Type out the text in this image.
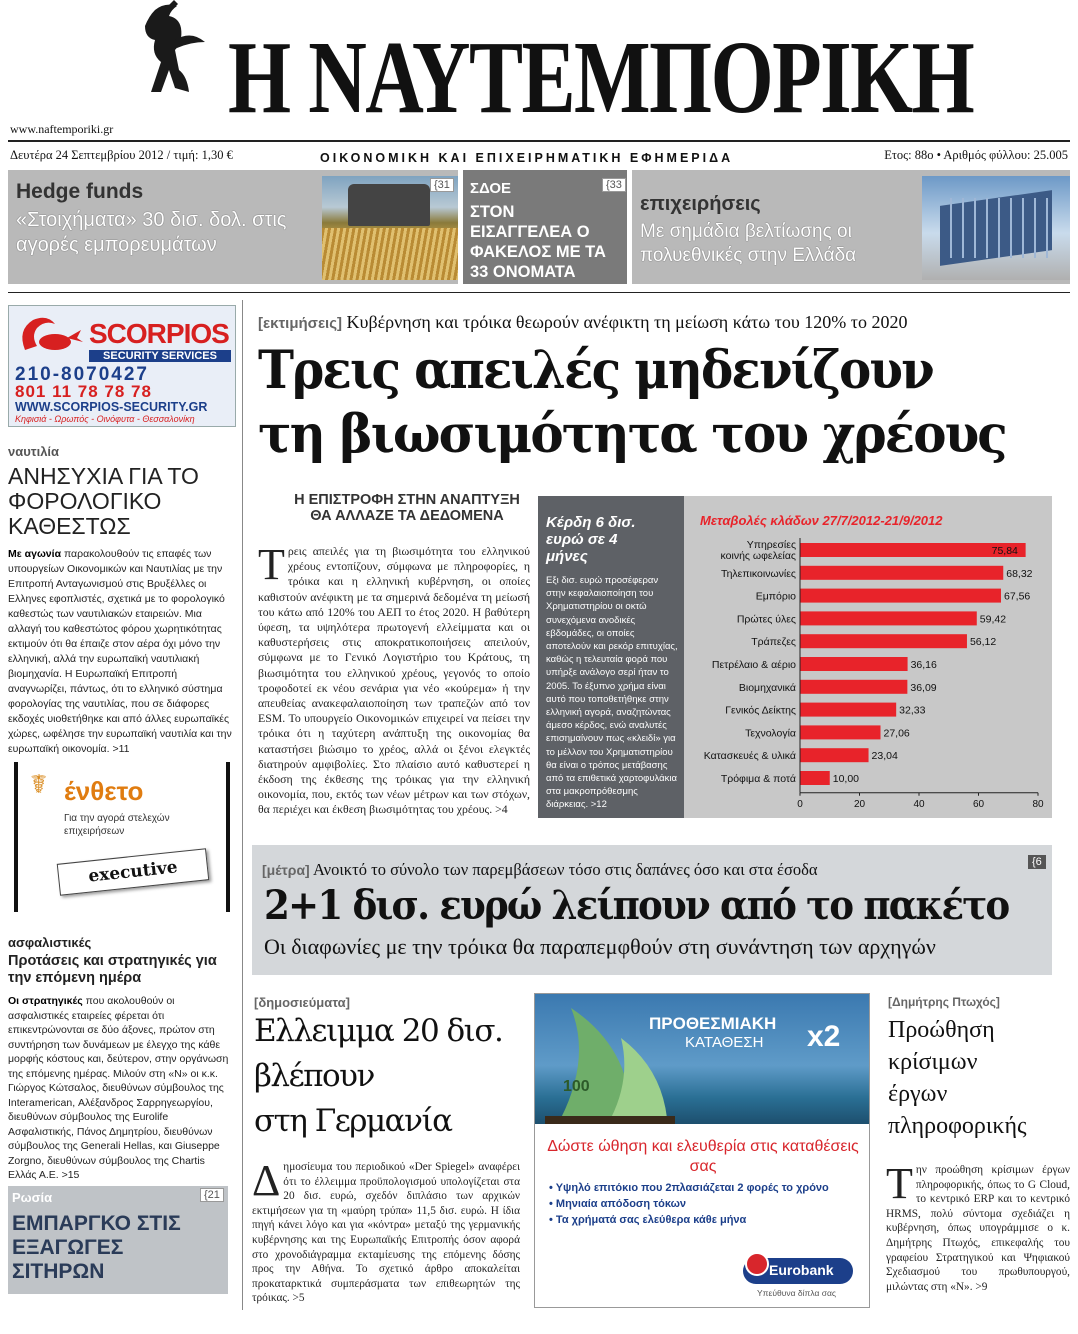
Η ΝΑΥΤΕΜΠΟΡΙΚΗ
www.naftemporiki.gr
Δευτέρα 24 Σεπτεμβρίου 2012 / τιμή: 1,30 €	ΟΙΚΟΝΟΜΙΚΗ ΚΑΙ ΕΠΙΧΕΙΡΗΜΑΤΙΚΗ ΕΦΗΜΕΡΙΔΑ	Ετος: 88ο • Αριθμός φύλλου: 25.005
Hedge funds
«Στοιχήματα» 30 δισ. δολ. στις αγορές εμπορευμάτων
{31 ΣΔΟΕ	{33
ΣΤΟΝ ΕΙΣΑΓΓΕΛΕΑ Ο ΦΑΚΕΛΟΣ ΜΕ ΤΑ 33 ΟΝΟΜΑΤΑ
επιχειρήσεις
Με σημάδια βελτίωσης οι πολυεθνικές στην Ελλάδα
SCORPIOS
SECURITY SERVICES
210-8070427
801 11 78 78 78
WWW.SCORPIOS-SECURITY.GR
Κηφισιά - Ωρωπός - Οινόφυτα - Θεσσαλονίκη
ναυτιλία
ΑΝΗΣΥΧΙΑ ΓΙΑ ΤΟ ΦΟΡΟΛΟΓΙΚΟ ΚΑΘΕΣΤΩΣ
Με αγωνία παρακολουθούν τις επαφές των υπουργείων Οικονομικών και Ναυτιλίας με την Επιτροπή Ανταγωνισμού στις Βρυξέλλες οι Ελληνες εφοπλιστές, σχετικά με το φορολογικό καθεστώς των ναυτιλιακών εταιρειών. Μια αλλαγή του καθεστώτος φόρου χωρητικότητας εκτιμούν ότι θα έπαιζε στον αέρα όχι μόνο την ελληνική, αλλά την ευρωπαϊκή ναυτιλιακή βιομηχανία. Η Ευρωπαϊκή Επιτροπή αναγνωρίζει, πάντως, ότι το ελληνικό σύστημα φορολογίας της ναυτιλίας, που σε διάφορες εκδοχές υιοθετήθηκε και από άλλες ευρωπαϊκές χώρες, ωφέλησε την ευρωπαϊκή ναυτιλία και την ευρωπαϊκή οικονομία. >11
☤ ένθετο
Για την αγορά στελεχών επιχειρήσεων
executive
ασφαλιστικές
Προτάσεις και στρατηγικές για την επόμενη ημέρα
Οι στρατηγικές που ακολουθούν οι ασφαλιστικές εταιρείες φέρεται ότι επικεντρώνονται σε δύο άξονες, πρώτον στη συντήρηση των δυνάμεων με έλεγχο της κάθε μορφής κόστους και, δεύτερον, στην οργάνωση της επόμενης ημέρας. Μιλούν στη «Ν» οι κ.κ. Γιώργος Κώτσαλος, διευθύνων σύμβουλος της Interamerican, Αλέξανδρος Σαρρηγεωργίου, διευθύνων σύμβουλος της Eurolife Ασφαλιστικής, Πάνος Δημητρίου, διευθύνων σύμβουλος της Generali Hellas, και Giuseppe Zorgno, διευθύνων σύμβουλος της Chartis Ελλάς Α.Ε. >15
Ρωσία	{21
ΕΜΠΑΡΓΚΟ ΣΤΙΣ ΕΞΑΓΩΓΕΣ ΣΙΤΗΡΩΝ
[εκτιμήσεις] Κυβέρνηση και τρόικα θεωρούν ανέφικτη τη μείωση κάτω του 120% το 2020
Τρεις απειλές μηδενίζουν
τη βιωσιμότητα του χρέους
Η ΕΠΙΣΤΡΟΦΗ ΣΤΗΝ ΑΝΑΠΤΥΞΗ ΘΑ ΑΛΛΑΖΕ ΤΑ ΔΕΔΟΜΕΝΑ
Τρεις απειλές για τη βιωσιμότητα του ελληνικού χρέους εντοπίζουν, σύμφωνα με πληροφορίες, η τρόικα και η ελληνική κυβέρνηση, οι οποίες καθιστούν ανέφικτη με τα σημερινά δεδομένα τη μείωσή του κάτω από 120% του ΑΕΠ το έτος 2020. Η βαθύτερη ύφεση, τα υψηλότερα πρωτογενή ελλείμματα και οι καθυστερήσεις στις αποκρατικοποιήσεις απειλούν, σύμφωνα με το Γενικό Λογιστήριο του Κράτους, τη βιωσιμότητα του ελληνικού χρέους, γεγονός το οποίο τροφοδοτεί εκ νέου σενάρια για νέο «κούρεμα» ή την απευθείας ανακεφαλαιοποίηση των τραπεζών από τον ESM. Το υπουργείο Οικονομικών επιχειρεί να πείσει την τρόικα ότι η ταχύτερη ανάπτυξη της οικονομίας θα καταστήσει βιώσιμο το χρέος, αλλά οι ξένοι ελεγκτές διατηρούν αμφιβολίες. Στο πλαίσιο αυτό καθυστερεί η έκδοση της έκθεσης της τρόικας για την ελληνική οικονομία, που, εκτός των νέων μέτρων και των στόχων, θα περιέχει και έκθεση βιωσιμότητας του χρέους. >4
Κέρδη 6 δισ. ευρώ σε 4 μήνες
Εξι δισ. ευρώ προσέφεραν στην κεφαλαιοποίηση του Χρηματιστηρίου οι οκτώ συνεχόμενα ανοδικές εβδομάδες, οι οποίες αποτελούν και ρεκόρ επιτυχίας, καθώς η τελευταία φορά που υπήρξε ανάλογο σερί ήταν το 2005. Το έξυπνο χρήμα είναι αυτό που τοποθετήθηκε στην ελληνική αγορά, αναζητώντας άμεσο κέρδος, ενώ αναλυτές επισημαίνουν πως «κλειδί» για το μέλλον του Χρηματιστηρίου θα είναι ο τρόπος μετάβασης από τα επιθετικά χαρτοφυλάκια στα μακροπρόθεσμης διάρκειας. >12
Μεταβολές κλάδων 27/7/2012-21/9/2012
Υπηρεσίες κοινής ωφελείας	75,84
Τηλεπικοινωνίες	68,32
Εμπόριο	67,56
Πρώτες ύλες	59,42
Τράπεζες	56,12
Πετρέλαιο & αέριο	36,16
Βιομηχανικά	36,09
Γενικός Δείκτης	32,33
Τεχνολογία	27,06
Κατασκευές & υλικά	23,04
Τρόφιμα & ποτά	10,00
0	20	40	60	80
[μέτρα] Ανοικτό το σύνολο των παρεμβάσεων τόσο στις δαπάνες όσο και στα έσοδα	{6
2+1 δισ. ευρώ λείπουν από το πακέτο
Οι διαφωνίες με την τρόικα θα παραπεμφθούν στη συνάντηση των αρχηγών
[δημοσιεύματα]
Ελλειμμα 20 δισ.
βλέπουν
στη Γερμανία
Δημοσίευμα του περιοδικού «Der Spiegel» αναφέρει ότι το έλλειμμα προϋπολογισμού υπολογίζεται στα 20 δισ. ευρώ, σχεδόν διπλάσιο των αρχικών εκτιμήσεων για τη «μαύρη τρύπα» 11,5 δισ. ευρώ. Η ίδια πηγή κάνει λόγο και για «κόντρα» μεταξύ της γερμανικής κυβέρνησης και της Ευρωπαϊκής Επιτροπής όσον αφορά στο χρονοδιάγραμμα εκταμίευσης της επόμενης δόσης προς την Αθήνα. Το σχετικό άρθρο αποκαλείται προκαταρκτικά συμπεράσματα των επιθεωρητών της τρόικας. >5
100
ΠΡΟΘΕΣΜΙΑΚΗ
ΚΑΤΑΘΕΣΗ x2
Δώστε ώθηση και ελευθερία στις καταθέσεις σας
• Υψηλό επιτόκιο που 2πλασιάζεται 2 φορές το χρόνο
• Μηνιαία απόδοση τόκων
• Τα χρήματά σας ελεύθερα κάθε μήνα
Eurobank
Υπεύθυνα δίπλα σας
[Δημήτρης Πτωχός]
Προώθηση
κρίσιμων
έργων
πληροφορικής
Την προώθηση κρίσιμων έργων πληροφορικής, όπως το G Cloud, το κεντρικό ERP και το κεντρικό HRMS, πολύ σύντομα σχεδιάζει η κυβέρνηση, όπως υπογράμμισε ο κ. Δημήτρης Πτωχός, επικεφαλής του γραφείου Στρατηγικού και Ψηφιακού Σχεδιασμού του πρωθυπουργού, μιλώντας στη «Ν». >9
